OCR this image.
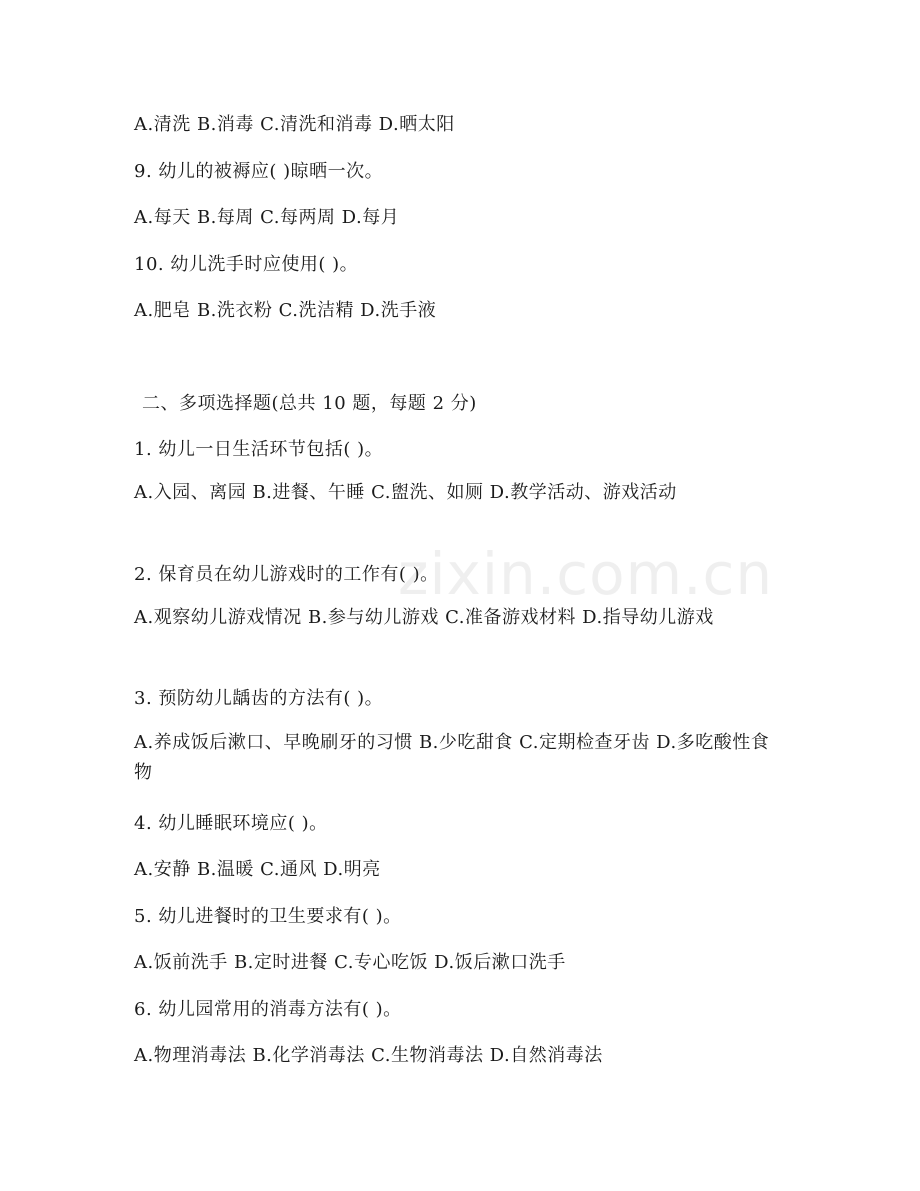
A.清洗 B.消毒 C.清洗和消毒 D.晒太阳
9. 幼儿的被褥应( )晾晒一次。
A.每天 B.每周 C.每两周 D.每月
10. 幼儿洗手时应使用( )。
A.肥皂 B.洗衣粉 C.洗洁精 D.洗手液
二、多项选择题(总共 10 题，每题 2 分)
1. 幼儿一日生活环节包括( )。
A.入园、离园 B.进餐、午睡 C.盥洗、如厕 D.教学活动、游戏活动
2. 保育员在幼儿游戏时的工作有( )。
A.观察幼儿游戏情况 B.参与幼儿游戏 C.准备游戏材料 D.指导幼儿游戏
3. 预防幼儿龋齿的方法有( )。
A.养成饭后漱口、早晚刷牙的习惯 B.少吃甜食 C.定期检查牙齿 D.多吃酸性食物
4. 幼儿睡眠环境应( )。
A.安静 B.温暖 C.通风 D.明亮
5. 幼儿进餐时的卫生要求有( )。
A.饭前洗手 B.定时进餐 C.专心吃饭 D.饭后漱口洗手
6. 幼儿园常用的消毒方法有( )。
A.物理消毒法 B.化学消毒法 C.生物消毒法 D.自然消毒法
zixin.com.cn
